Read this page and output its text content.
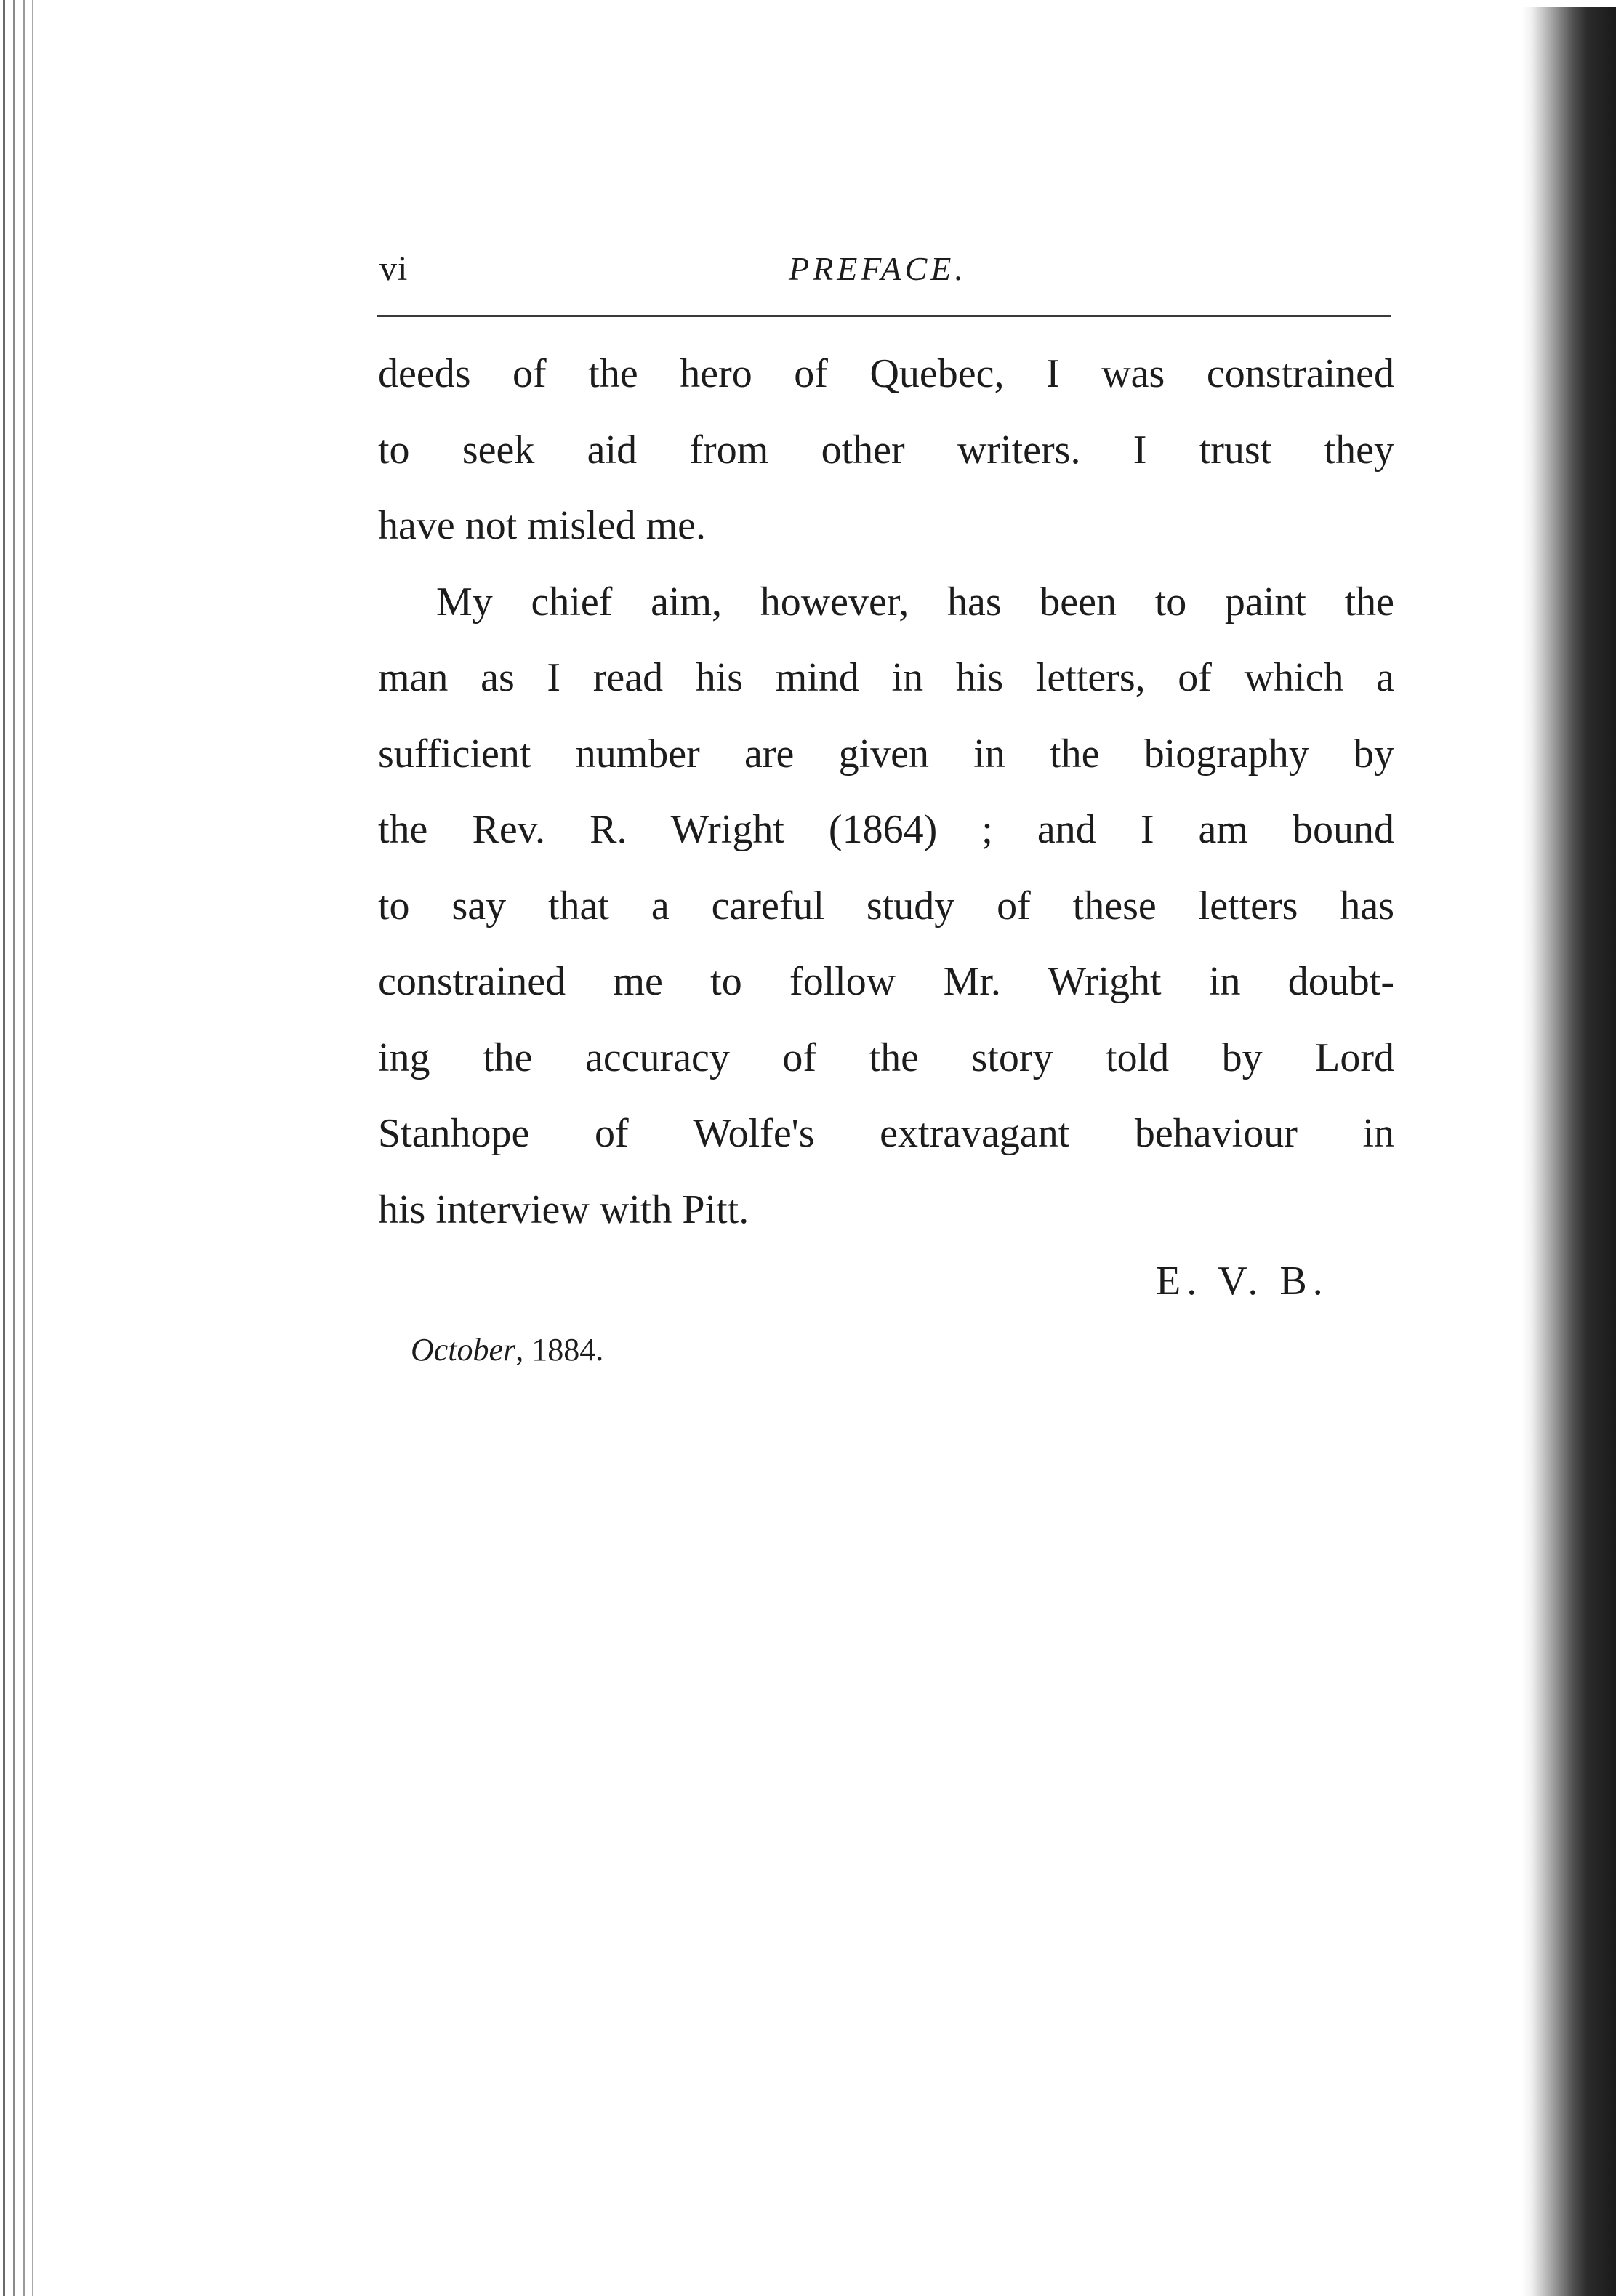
vi	PREFACE.
deeds of the hero of Quebec, I was constrained
to seek aid from other writers. I trust they
have not misled me.
My chief aim, however, has been to paint the
man as I read his mind in his letters, of which a
sufficient number are given in the biography by
the Rev. R. Wright (1864) ; and I am bound
to say that a careful study of these letters has
constrained me to follow Mr. Wright in doubt-
ing the accuracy of the story told by Lord
Stanhope of Wolfe's extravagant behaviour in
his interview with Pitt.
E. V. B.
October, 1884.
